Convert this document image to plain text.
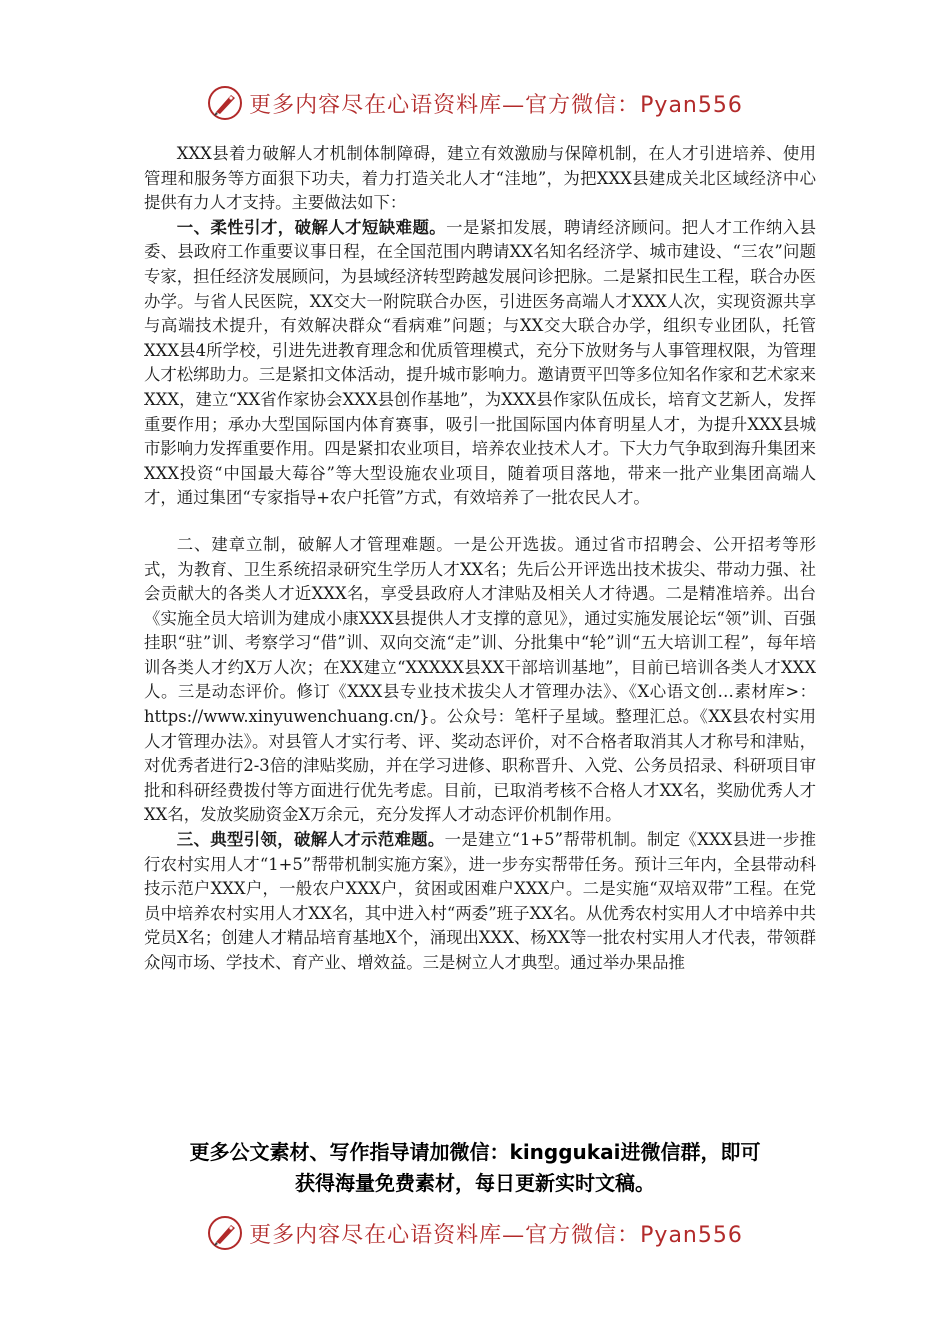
更多内容尽在心语资料库—官方微信：Pyan556

XXX县着力破解人才机制体制障碍，建立有效激励与保障机制，在人才引进培养、使用管理和服务等方面狠下功夫，着力打造关北人才“洼地”，为把XXX县建成关北区域经济中心提供有力人才支持。主要做法如下：

一、柔性引才，破解人才短缺难题。一是紧扣发展，聘请经济顾问。把人才工作纳入县委、县政府工作重要议事日程，在全国范围内聘请XX名知名经济学、城市建设、“三农”问题专家，担任经济发展顾问，为县域经济转型跨越发展问诊把脉。二是紧扣民生工程，联合办医办学。与省人民医院，XX交大一附院联合办医，引进医务高端人才XXX人次，实现资源共享与高端技术提升，有效解决群众“看病难”问题；与XX交大联合办学，组织专业团队，托管XXX县4所学校，引进先进教育理念和优质管理模式，充分下放财务与人事管理权限，为管理人才松绑助力。三是紧扣文体活动，提升城市影响力。邀请贾平凹等多位知名作家和艺术家来XXX，建立“XX省作家协会XXX县创作基地”，为XXX县作家队伍成长，培育文艺新人，发挥重要作用；承办大型国际国内体育赛事，吸引一批国际国内体育明星人才，为提升XXX县城市影响力发挥重要作用。四是紧扣农业项目，培养农业技术人才。下大力气争取到海升集团来XXX投资“中国最大莓谷”等大型设施农业项目，随着项目落地，带来一批产业集团高端人才，通过集团“专家指导+农户托管”方式，有效培养了一批农民人才。

二、建章立制，破解人才管理难题。一是公开选拔。通过省市招聘会、公开招考等形式，为教育、卫生系统招录研究生学历人才XX名；先后公开评选出技术拔尖、带动力强、社会贡献大的各类人才近XXX名，享受县政府人才津贴及相关人才待遇。二是精准培养。出台《实施全员大培训为建成小康XXX县提供人才支撑的意见》，通过实施发展论坛“领”训、百强挂职“驻”训、考察学习“借”训、双向交流“走”训、分批集中“轮”训“五大培训工程”，每年培训各类人才约X万人次；在XX建立“XXXXX县XX干部培训基地”，目前已培训各类人才XXX人。三是动态评价。修订《XXX县专业技术拔尖人才管理办法》、《X心语文创…素材库>：https://www.xinyuwenchuang.cn/}。公众号：笔杆子星域。整理汇总。《XX县农村实用人才管理办法》。对县管人才实行考、评、奖动态评价，对不合格者取消其人才称号和津贴，对优秀者进行2-3倍的津贴奖励，并在学习进修、职称晋升、入党、公务员招录、科研项目审批和科研经费拨付等方面进行优先考虑。目前，已取消考核不合格人才XX名，奖励优秀人才XX名，发放奖励资金X万余元，充分发挥人才动态评价机制作用。

三、典型引领，破解人才示范难题。一是建立“1+5”帮带机制。制定《XXX县进一步推行农村实用人才“1+5”帮带机制实施方案》，进一步夯实帮带任务。预计三年内，全县带动科技示范户XXX户，一般农户XXX户，贫困或困难户XXX户。二是实施“双培双带”工程。在党员中培养农村实用人才XX名，其中进入村“两委”班子XX名。从优秀农村实用人才中培养中共党员X名；创建人才精品培育基地X个，涌现出XXX、杨XX等一批农村实用人才代表，带领群众闯市场、学技术、育产业、增效益。三是树立人才典型。通过举办果品推

更多公文素材、写作指导请加微信：kinggukai进微信群，即可
获得海量免费素材，每日更新实时文稿。
更多内容尽在心语资料库—官方微信：Pyan556
